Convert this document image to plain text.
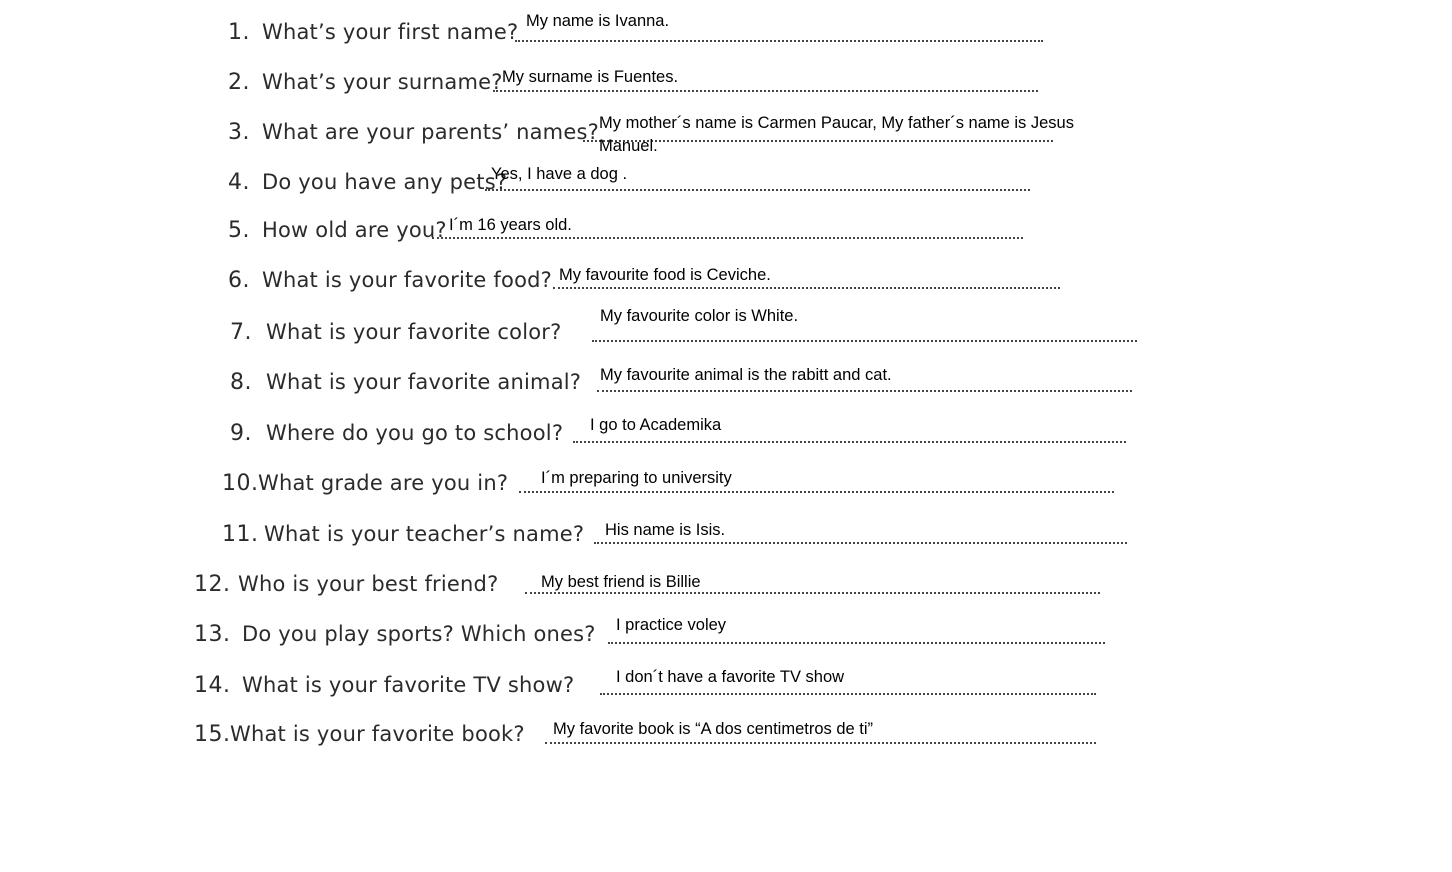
1. What’s your first name? My name is Ivanna.
2. What’s your surname? My surname is Fuentes.
3. What are your parents’ names? My mother´s name is Carmen Paucar, My father´s name is Jesus Manuel.
4. Do you have any pets?
Yes, I have a dog .
5. How old are you? I´m 16 years old.
6. What is your favorite food? My favourite food is Ceviche.
7. What is your favorite color?
My favourite color is White.
8. What is your favorite animal? My favourite animal is the rabitt and cat.
9. Where do you go to school? I go to Academika
10. What grade are you in? I´m preparing to university
11. What is your teacher’s name? His name is Isis.
12. Who is your best friend?	My best friend is Billie
13. Do you play sports? Which ones? I practice voley
14. What is your favorite TV show?	I don´t have a favorite TV show
15. What is your favorite book? My favorite book is “A dos centimetros de ti”
